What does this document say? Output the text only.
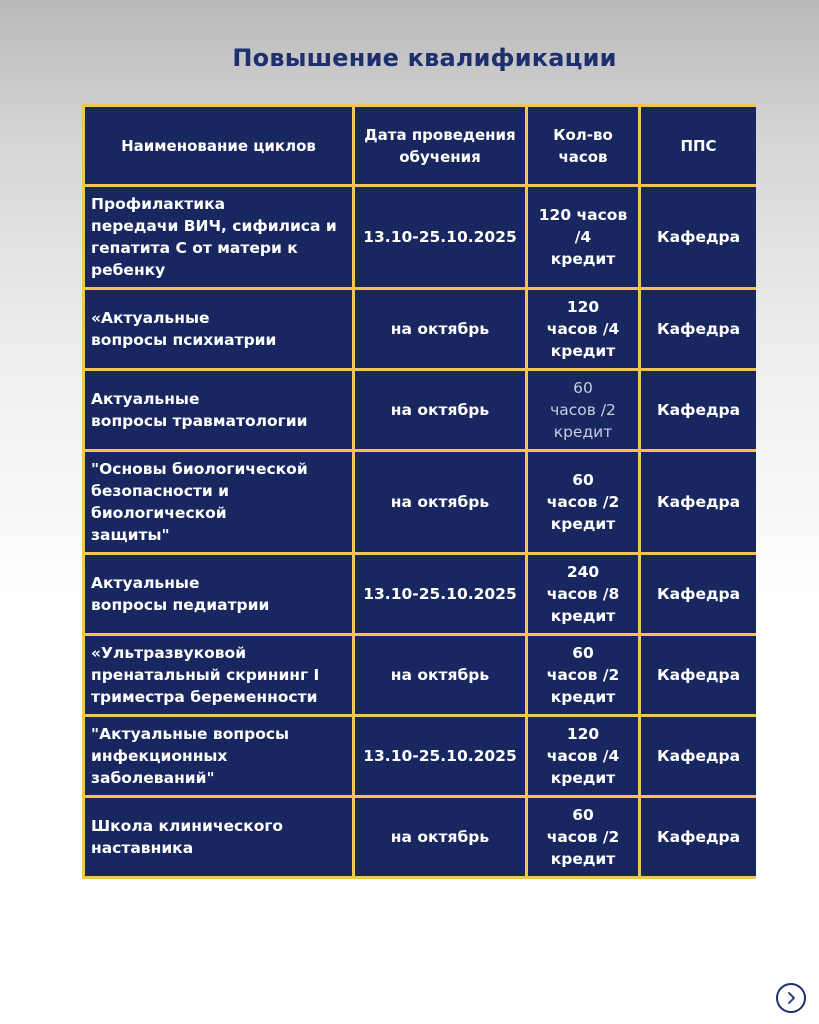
Повышение квалификации
Наименование циклов
Дата проведения
обучения
Кол-во
часов
ППС
Профилактика
передачи ВИЧ, сифилиса и
гепатита С от матери к
ребенку
13.10-25.10.2025
120 часов
/4
кредит
Кафедра
«Актуальные
вопросы психиатрии
на октябрь
120
часов /4
кредит
Кафедра
Актуальные
вопросы травматологии
на октябрь
60
часов /2
кредит
Кафедра
"Основы биологической
безопасности и
биологической
защиты"
на октябрь
60
часов /2
кредит
Кафедра
Актуальные
вопросы педиатрии
13.10-25.10.2025
240
часов /8
кредит
Кафедра
«Ультразвуковой
пренатальный скрининг I
триместра беременности
на октябрь
60
часов /2
кредит
Кафедра
"Актуальные вопросы
инфекционных
заболеваний"
13.10-25.10.2025
120
часов /4
кредит
Кафедра
Школа клинического
наставника
на октябрь
60
часов /2
кредит
Кафедра
